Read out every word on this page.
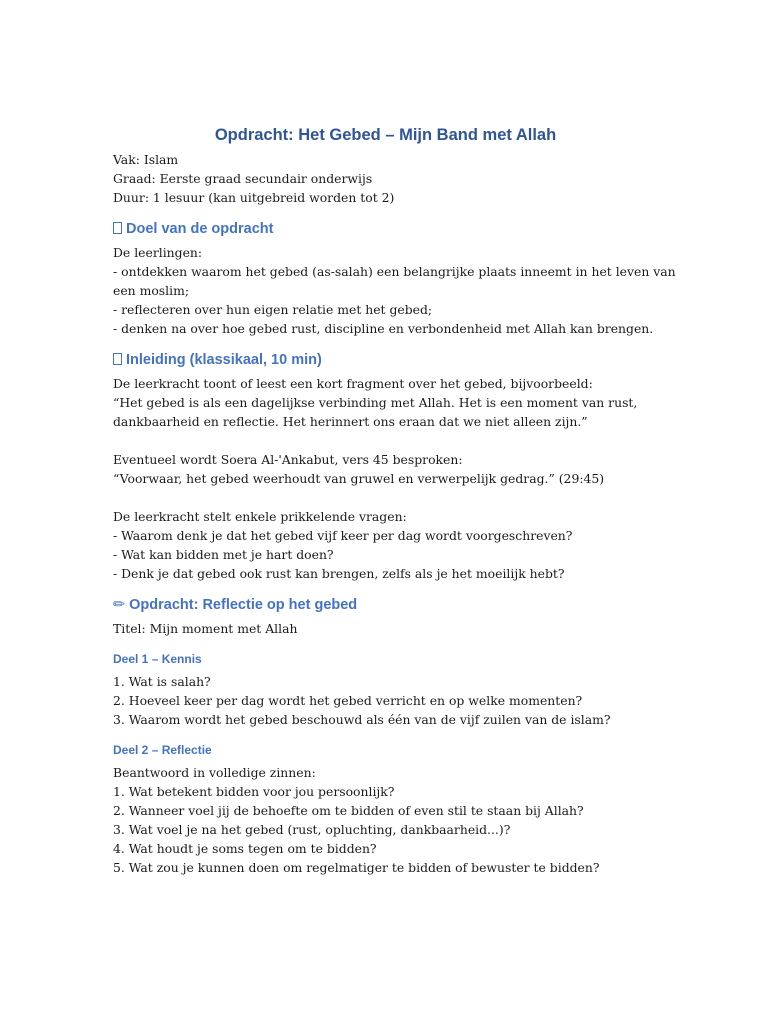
Opdracht: Het Gebed – Mijn Band met Allah

Vak: Islam

Graad: Eerste graad secundair onderwijs

Duur: 1 lesuur (kan uitgebreid worden tot 2)

Doel van de opdracht

De leerlingen:

- ontdekken waarom het gebed (as-salah) een belangrijke plaats inneemt in het leven van

een moslim;

- reflecteren over hun eigen relatie met het gebed;

- denken na over hoe gebed rust, discipline en verbondenheid met Allah kan brengen.

Inleiding (klassikaal, 10 min)

De leerkracht toont of leest een kort fragment over het gebed, bijvoorbeeld:

“Het gebed is als een dagelijkse verbinding met Allah. Het is een moment van rust,

dankbaarheid en reflectie. Het herinnert ons eraan dat we niet alleen zijn.”

Eventueel wordt Soera Al-'Ankabut, vers 45 besproken:

“Voorwaar, het gebed weerhoudt van gruwel en verwerpelijk gedrag.” (29:45)

De leerkracht stelt enkele prikkelende vragen:

- Waarom denk je dat het gebed vijf keer per dag wordt voorgeschreven?

- Wat kan bidden met je hart doen?

- Denk je dat gebed ook rust kan brengen, zelfs als je het moeilijk hebt?

✏ Opdracht: Reflectie op het gebed

Titel: Mijn moment met Allah

Deel 1 – Kennis

1. Wat is salah?

2. Hoeveel keer per dag wordt het gebed verricht en op welke momenten?

3. Waarom wordt het gebed beschouwd als één van de vijf zuilen van de islam?

Deel 2 – Reflectie

Beantwoord in volledige zinnen:

1. Wat betekent bidden voor jou persoonlijk?

2. Wanneer voel jij de behoefte om te bidden of even stil te staan bij Allah?

3. Wat voel je na het gebed (rust, opluchting, dankbaarheid...)?

4. Wat houdt je soms tegen om te bidden?

5. Wat zou je kunnen doen om regelmatiger te bidden of bewuster te bidden?
